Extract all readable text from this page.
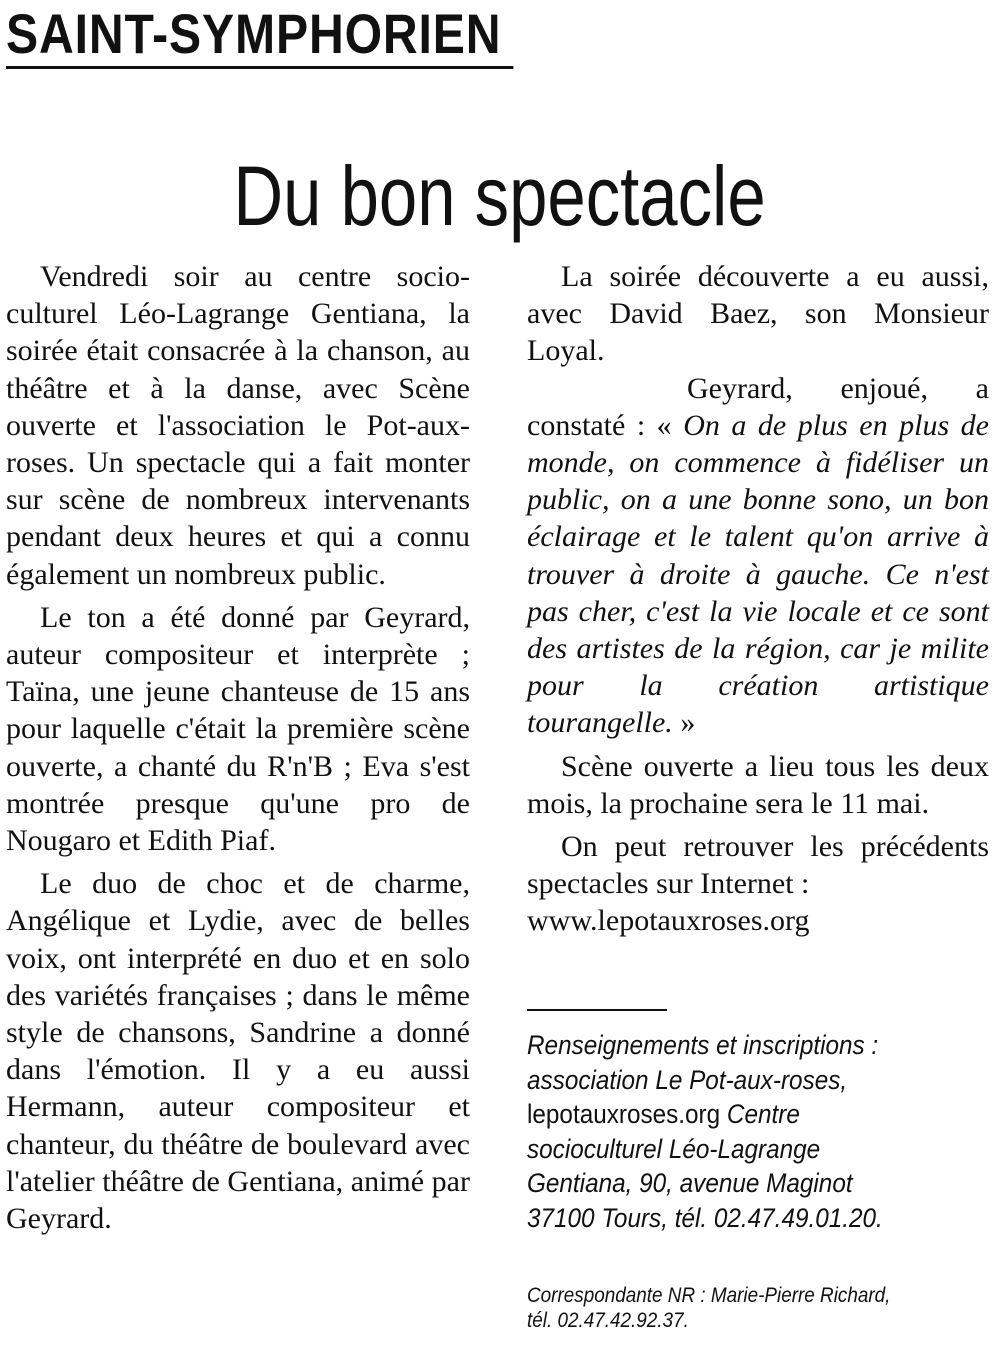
SAINT-SYMPHORIEN
Du bon spectacle

Vendredi soir au centre socio-culturel Léo-Lagrange Gentiana, la soirée était consacrée à la chanson, au théâtre et à la danse, avec Scène ouverte et l'association le Pot-aux-roses. Un spectacle qui a fait monter sur scène de nombreux intervenants pendant deux heures et qui a connu également un nombreux public.

Le ton a été donné par Geyrard, auteur compositeur et interprète ; Taïna, une jeune chanteuse de 15 ans pour laquelle c'était la première scène ouverte, a chanté du R'n'B ; Eva s'est montrée presque qu'une pro de Nougaro et Edith Piaf.

Le duo de choc et de charme, Angélique et Lydie, avec de belles voix, ont interprété en duo et en solo des variétés françaises ; dans le même style de chansons, Sandrine a donné dans l'émotion. Il y a eu aussi Hermann, auteur compositeur et chanteur, du théâtre de boulevard avec l'atelier théâtre de Gentiana, animé par Geyrard.

La soirée découverte a eu aussi, avec David Baez, son Monsieur Loyal.

Geyrard, enjoué, a constaté : « On a de plus en plus de monde, on commence à fidéliser un public, on a une bonne sono, un bon éclairage et le talent qu'on arrive à trouver à droite à gauche. Ce n'est pas cher, c'est la vie locale et ce sont des artistes de la région, car je milite pour la création artistique tourangelle. »

Scène ouverte a lieu tous les deux mois, la prochaine sera le 11 mai.

On peut retrouver les précédents spectacles sur Internet :

www.lepotauxroses.org
Renseignements et inscriptions :
association Le Pot-aux-roses,
lepotauxroses.org Centre
socioculturel Léo-Lagrange
Gentiana, 90, avenue Maginot
37100 Tours, tél. 02.47.49.01.20.
Correspondante NR : Marie-Pierre Richard,
tél. 02.47.42.92.37.
